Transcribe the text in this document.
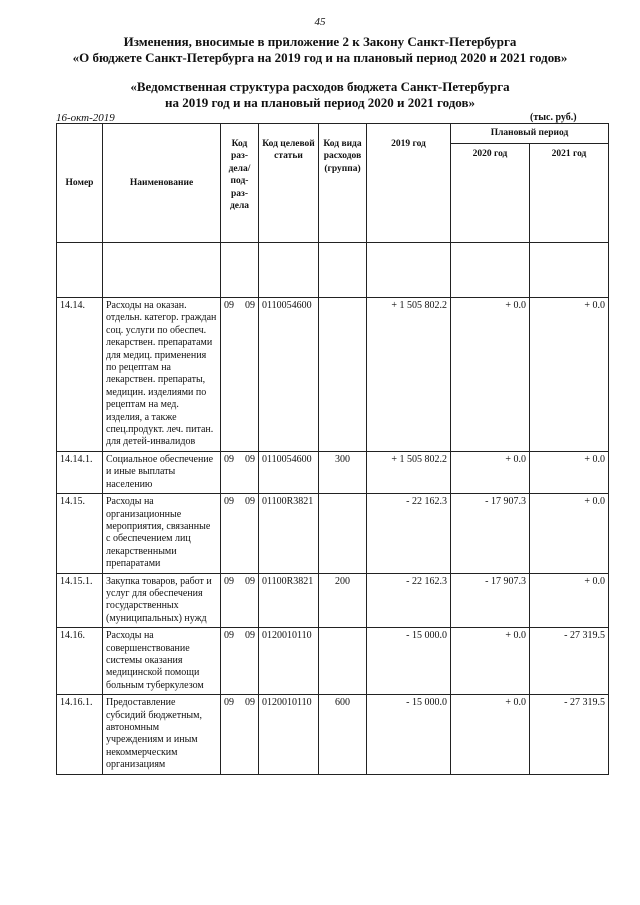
45
Изменения, вносимые в приложение 2 к Закону Санкт-Петербурга
«О бюджете Санкт-Петербурга на 2019 год и на плановый период 2020 и 2021 годов»
«Ведомственная структура расходов бюджета Санкт-Петербурга
на 2019 год и на плановый период 2020 и 2021 годов»
16-окт-2019	(тыс. руб.)
Номер	Наименование	Код раз- дела/ под- раз- дела	Код целевой статьи	Код вида расходов (группа)	2019 год	Плановый период	
						2020 год	2021 год

14.14.	Расходы на оказан. отдельн. категор. граждан соц. услуги по обеспеч. лекарствен. препаратами для медиц. применения по рецептам на лекарствен. препараты, медицин. изделиями по рецептам на мед. изделия, а также спец.продукт. леч. питан. для детей-инвалидов	09 09	0110054600		+ 1 505 802.2	+ 0.0	+ 0.0
14.14.1.	Социальное обеспечение и иные выплаты населению	09 09	0110054600	300	+ 1 505 802.2	+ 0.0	+ 0.0
14.15.	Расходы на организационные мероприятия, связанные с обеспечением лиц лекарственными препаратами	09 09	01100R3821		- 22 162.3	- 17 907.3	+ 0.0
14.15.1.	Закупка товаров, работ и услуг для обеспечения государственных (муниципальных) нужд	09 09	01100R3821	200	- 22 162.3	- 17 907.3	+ 0.0
14.16.	Расходы на совершенствование системы оказания медицинской помощи больным туберкулезом	09 09	0120010110		- 15 000.0	+ 0.0	- 27 319.5
14.16.1.	Предоставление субсидий бюджетным, автономным учреждениям и иным некоммерческим организациям	09 09	0120010110	600	- 15 000.0	+ 0.0	- 27 319.5
